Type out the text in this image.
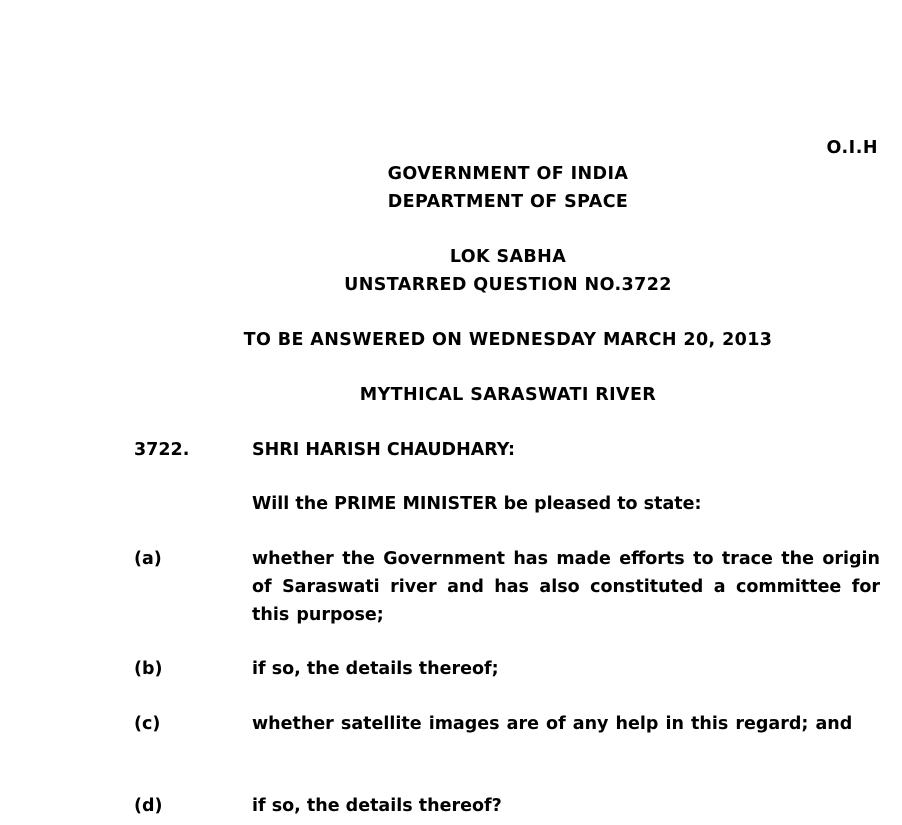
O.I.H
GOVERNMENT OF INDIA
DEPARTMENT OF SPACE
LOK SABHA
UNSTARRED QUESTION NO.3722
TO BE ANSWERED ON WEDNESDAY MARCH 20, 2013
MYTHICAL SARASWATI RIVER
3722.	SHRI HARISH CHAUDHARY:
Will the PRIME MINISTER be pleased to state:
(a)	whether the Government has made efforts to trace the origin of Saraswati river and has also constituted a committee for this purpose;
(b)	if so, the details thereof;
(c)	whether satellite images are of any help in this regard; and
(d)	if so, the details thereof?
